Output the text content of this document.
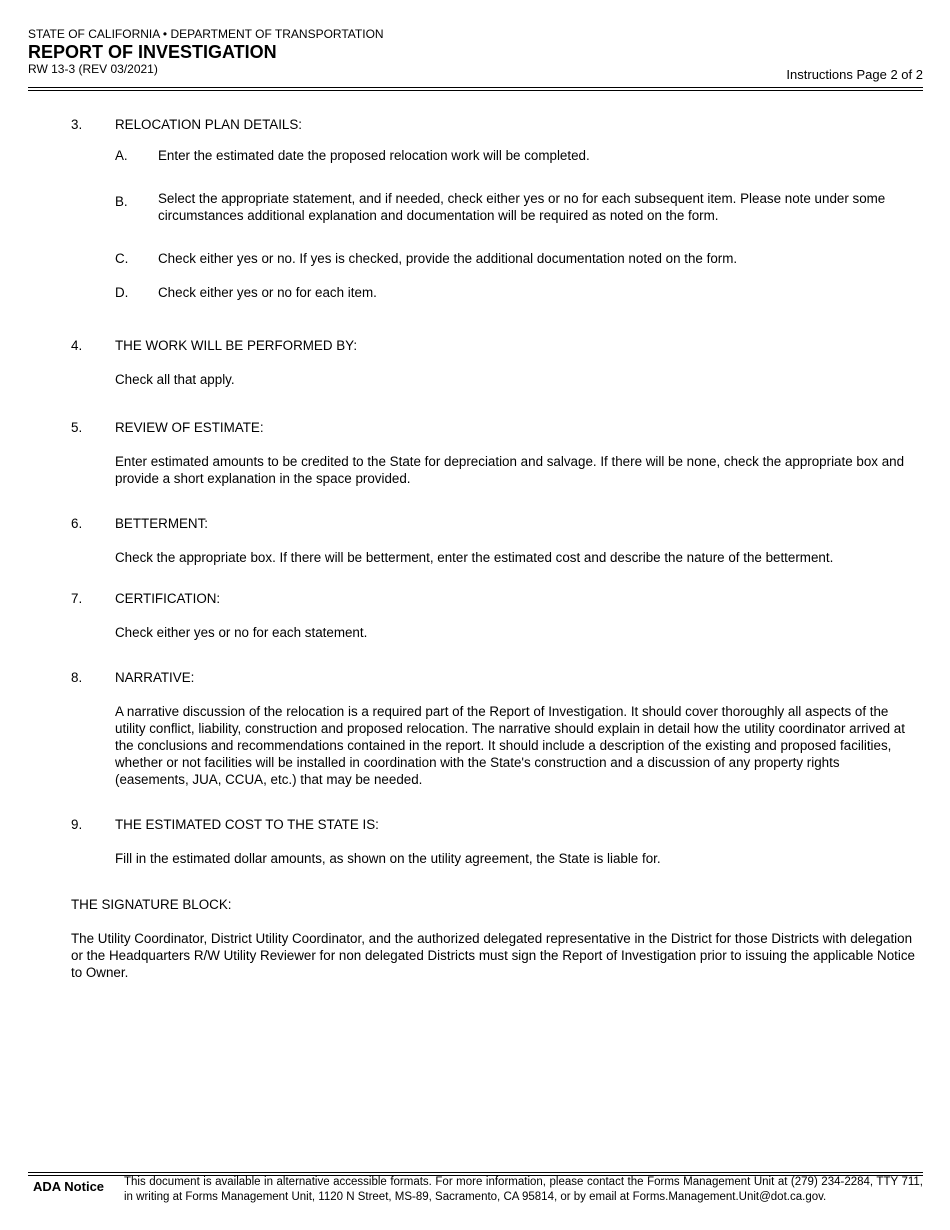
STATE OF CALIFORNIA • DEPARTMENT OF TRANSPORTATION
REPORT OF INVESTIGATION
RW 13-3 (REV 03/2021)	Instructions Page 2 of 2
3. RELOCATION PLAN DETAILS:

A. Enter the estimated date the proposed relocation work will be completed.

B. Select the appropriate statement, and if needed, check either yes or no for each subsequent item. Please note under some circumstances additional explanation and documentation will be required as noted on the form.

C. Check either yes or no. If yes is checked, provide the additional documentation noted on the form.

D. Check either yes or no for each item.

4. THE WORK WILL BE PERFORMED BY:

Check all that apply.

5. REVIEW OF ESTIMATE:

Enter estimated amounts to be credited to the State for depreciation and salvage. If there will be none, check the appropriate box and provide a short explanation in the space provided.

6. BETTERMENT:

Check the appropriate box. If there will be betterment, enter the estimated cost and describe the nature of the betterment.

7. CERTIFICATION:

Check either yes or no for each statement.

8. NARRATIVE:

A narrative discussion of the relocation is a required part of the Report of Investigation. It should cover thoroughly all aspects of the utility conflict, liability, construction and proposed relocation. The narrative should explain in detail how the utility coordinator arrived at the conclusions and recommendations contained in the report. It should include a description of the existing and proposed facilities, whether or not facilities will be installed in coordination with the State's construction and a discussion of any property rights (easements, JUA, CCUA, etc.) that may be needed.

9. THE ESTIMATED COST TO THE STATE IS:

Fill in the estimated dollar amounts, as shown on the utility agreement, the State is liable for.

THE SIGNATURE BLOCK:

The Utility Coordinator, District Utility Coordinator, and the authorized delegated representative in the District for those Districts with delegation or the Headquarters R/W Utility Reviewer for non delegated Districts must sign the Report of Investigation prior to issuing the applicable Notice to Owner.

ADA Notice	This document is available in alternative accessible formats. For more information, please contact the Forms Management Unit at (279) 234-2284, TTY 711, in writing at Forms Management Unit, 1120 N Street, MS-89, Sacramento, CA 95814, or by email at Forms.Management.Unit@dot.ca.gov.
